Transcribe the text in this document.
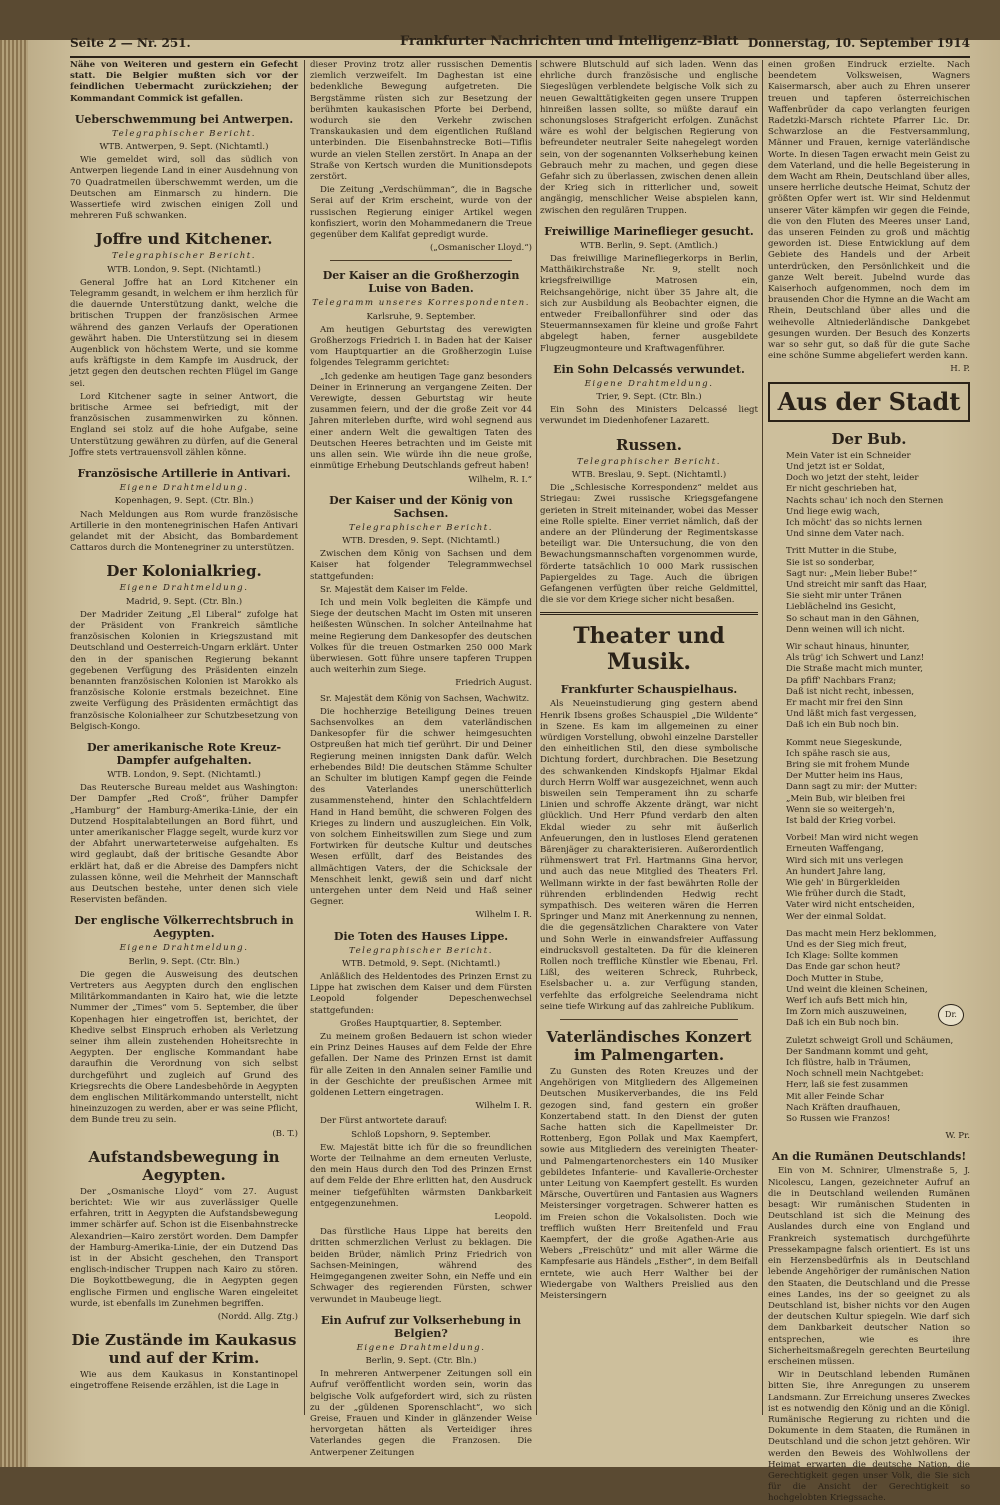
Seite 2 — Nr. 251.	Frankfurter Nachrichten und Intelligenz-Blatt Donnerstag, 10. September 1914

Nähe von Weiteren und gestern ein Gefecht statt. Die Belgier mußten sich vor der feindlichen Uebermacht zurückziehen; der Kommandant Commick ist gefallen.

Ueberschwemmung bei Antwerpen.
Telegraphischer Bericht.
WTB. Antwerpen, 9. Sept. (Nichtamtl.)

Wie gemeldet wird, soll das südlich von Antwerpen liegende Land in einer Ausdehnung von 70 Quadratmeilen überschwemmt werden, um die Deutschen am Einmarsch zu hindern. Die Wassertiefe wird zwischen einigen Zoll und mehreren Fuß schwanken.

Joffre und Kitchener.
Telegraphischer Bericht.
WTB. London, 9. Sept. (Nichtamtl.)

General Joffre hat an Lord Kitchener ein Telegramm gesandt, in welchem er ihm herzlich für die dauernde Unterstützung dankt, welche die britischen Truppen der französischen Armee während des ganzen Verlaufs der Operationen gewährt haben. Die Unterstützung sei in diesem Augenblick von höchstem Werte, und sie komme aufs kräftigste in dem Kampfe im Ausdruck, der jetzt gegen den deutschen rechten Flügel im Gange sei.

Lord Kitchener sagte in seiner Antwort, die britische Armee sei befriedigt, mit der französischen zusammenwirken zu können. England sei stolz auf die hohe Aufgabe, seine Unterstützung gewähren zu dürfen, auf die General Joffre stets vertrauensvoll zählen könne.

Französische Artillerie in Antivari.
Eigene Drahtmeldung.
Kopenhagen, 9. Sept. (Ctr. Bln.)

Nach Meldungen aus Rom wurde französische Artillerie in den montenegrinischen Hafen Antivari gelandet mit der Absicht, das Bombardement Cattaros durch die Montenegriner zu unterstützen.

Der Kolonialkrieg.
Eigene Drahtmeldung.
Madrid, 9. Sept. (Ctr. Bln.)

Der Madrider Zeitung „El Liberal“ zufolge hat der Präsident von Frankreich sämtliche französischen Kolonien in Kriegszustand mit Deutschland und Oesterreich-Ungarn erklärt. Unter den in der spanischen Regierung bekannt gegebenen Verfügung des Präsidenten einzeln benannten französischen Kolonien ist Marokko als französische Kolonie erstmals bezeichnet. Eine zweite Verfügung des Präsidenten ermächtigt das französische Kolonialheer zur Schutzbesetzung von Belgisch-Kongo.

Der amerikanische Rote Kreuz-Dampfer aufgehalten.
WTB. London, 9. Sept. (Nichtamtl.)

Das Reutersche Bureau meldet aus Washington: Der Dampfer „Red Croß“, früher Dampfer „Hamburg“ der Hamburg-Amerika-Linie, der ein Dutzend Hospitalabteilungen an Bord führt, und unter amerikanischer Flagge segelt, wurde kurz vor der Abfahrt unerwarteterweise aufgehalten. Es wird geglaubt, daß der britische Gesandte Abor erklärt hat, daß er die Abreise des Dampfers nicht zulassen könne, weil die Mehrheit der Mannschaft aus Deutschen bestehe, unter denen sich viele Reservisten befänden.

Der englische Völkerrechtsbruch in Aegypten.
Eigene Drahtmeldung.
Berlin, 9. Sept. (Ctr. Bln.)

Die gegen die Ausweisung des deutschen Vertreters aus Aegypten durch den englischen Militärkommandanten in Kairo hat, wie die letzte Nummer der „Times“ vom 5. September, die über Kopenhagen hier eingetroffen ist, berichtet, der Khedive selbst Einspruch erhoben als Verletzung seiner ihm allein zustehenden Hoheitsrechte in Aegypten. Der englische Kommandant habe daraufhin die Verordnung von sich selbst durchgeführt und zugleich auf Grund des Kriegsrechts die Obere Landesbehörde in Aegypten dem englischen Militärkommando unterstellt, nicht hineinzuzogen zu werden, aber er was seine Pflicht, dem Bunde treu zu sein.

(B. T.)
Aufstandsbewegung in Aegypten.

Der „Osmanische Lloyd“ vom 27. August berichtet: Wie wir aus zuverlässiger Quelle erfahren, tritt in Aegypten die Aufstandsbewegung immer schärfer auf. Schon ist die Eisenbahnstrecke Alexandrien—Kairo zerstört worden. Dem Dampfer der Hamburg-Amerika-Linie, der ein Dutzend Das ist in der Absicht geschehen, den Transport englisch-indischer Truppen nach Kairo zu stören. Die Boykottbewegung, die in Aegypten gegen englische Firmen und englische Waren eingeleitet wurde, ist ebenfalls im Zunehmen begriffen.

(Nordd. Allg. Ztg.)
Die Zustände im Kaukasus und auf der Krim.

Wie aus dem Kaukasus in Konstantinopel eingetroffene Reisende erzählen, ist die Lage in

dieser Provinz trotz aller russischen Dementis ziemlich verzweifelt. Im Daghestan ist eine bedenkliche Bewegung aufgetreten. Die Bergstämme rüsten sich zur Besetzung der berühmten kaukasischen Pforte bei Derbend, wodurch sie den Verkehr zwischen Transkaukasien und dem eigentlichen Rußland unterbinden. Die Eisenbahnstrecke Boti—Tiflis wurde an vielen Stellen zerstört. In Anapa an der Straße von Kertsch wurden die Munitionsdepots zerstört.

Die Zeitung „Verdschümman“, die in Bagsche Serai auf der Krim erscheint, wurde von der russischen Regierung einiger Artikel wegen konfisziert, worin den Mohammedanern die Treue gegenüber dem Kalifat gepredigt wurde.

(„Osmanischer Lloyd.“)
Der Kaiser an die Großherzogin Luise von Baden.
Telegramm unseres Korrespondenten.
Karlsruhe, 9. September.

Am heutigen Geburtstag des verewigten Großherzogs Friedrich I. in Baden hat der Kaiser vom Hauptquartier an die Großherzogin Luise folgendes Telegramm gerichtet:

„Ich gedenke am heutigen Tage ganz besonders Deiner in Erinnerung an vergangene Zeiten. Der Verewigte, dessen Geburtstag wir heute zusammen feiern, und der die große Zeit vor 44 Jahren miterleben durfte, wird wohl segnend aus einer andern Welt die gewaltigen Taten des Deutschen Heeres betrachten und im Geiste mit uns allen sein. Wie würde ihn die neue große, einmütige Erhebung Deutschlands gefreut haben!

Wilhelm, R. I.“
Der Kaiser und der König von Sachsen.
Telegraphischer Bericht.
WTB. Dresden, 9. Sept. (Nichtamtl.)

Zwischen dem König von Sachsen und dem Kaiser hat folgender Telegrammwechsel stattgefunden:

Sr. Majestät dem Kaiser im Felde.

Ich und mein Volk begleiten die Kämpfe und Siege der deutschen Macht im Osten mit unseren heißesten Wünschen. In solcher Anteilnahme hat meine Regierung dem Dankesopfer des deutschen Volkes für die treuen Ostmarken 250 000 Mark überwiesen. Gott führe unsere tapferen Truppen auch weiterhin zum Siege.

Friedrich August.

Sr. Majestät dem König von Sachsen, Wachwitz.

Die hochherzige Beteiligung Deines treuen Sachsenvolkes an dem vaterländischen Dankesopfer für die schwer heimgesuchten Ostpreußen hat mich tief gerührt. Dir und Deiner Regierung meinen innigsten Dank dafür. Welch erhebendes Bild! Die deutschen Stämme Schulter an Schulter im blutigen Kampf gegen die Feinde des Vaterlandes unerschütterlich zusammenstehend, hinter den Schlachtfeldern Hand in Hand bemüht, die schweren Folgen des Krieges zu lindern und auszugleichen. Ein Volk, von solchem Einheitswillen zum Siege und zum Fortwirken für deutsche Kultur und deutsches Wesen erfüllt, darf des Beistandes des allmächtigen Vaters, der die Schicksale der Menschheit lenkt, gewiß sein und darf nicht untergehen unter dem Neid und Haß seiner Gegner.

Wilhelm I. R.
Die Toten des Hauses Lippe.
Telegraphischer Bericht.
WTB. Detmold, 9. Sept. (Nichtamtl.)

Anläßlich des Heldentodes des Prinzen Ernst zu Lippe hat zwischen dem Kaiser und dem Fürsten Leopold folgender Depeschenwechsel stattgefunden:

Großes Hauptquartier, 8. September.

Zu meinem großen Bedauern ist schon wieder ein Prinz Deines Hauses auf dem Felde der Ehre gefallen. Der Name des Prinzen Ernst ist damit für alle Zeiten in den Annalen seiner Familie und in der Geschichte der preußischen Armee mit goldenen Lettern eingetragen.

Wilhelm I. R.

Der Fürst antwortete darauf:

Schloß Lopshorn, 9. September.

Ew. Majestät bitte ich für die so freundlichen Worte der Teilnahme an dem erneuten Verluste, den mein Haus durch den Tod des Prinzen Ernst auf dem Felde der Ehre erlitten hat, den Ausdruck meiner tiefgefühlten wärmsten Dankbarkeit entgegenzunehmen.

Leopold.

Das fürstliche Haus Lippe hat bereits den dritten schmerzlichen Verlust zu beklagen. Die beiden Brüder, nämlich Prinz Friedrich von Sachsen-Meiningen, während des Heimgegangenen zweiter Sohn, ein Neffe und ein Schwager des regierenden Fürsten, schwer verwundet in Maubeuge liegt.

Ein Aufruf zur Volkserhebung in Belgien?
Eigene Drahtmeldung.
Berlin, 9. Sept. (Ctr. Bln.)

In mehreren Antwerpener Zeitungen soll ein Aufruf veröffentlicht worden sein, worin das belgische Volk aufgefordert wird, sich zu rüsten zu der „güldenen Sporenschlacht“, wo sich Greise, Frauen und Kinder in glänzender Weise hervorgetan hätten als Verteidiger ihres Vaterlandes gegen die Franzosen. Die Antwerpener Zeitungen

schwere Blutschuld auf sich laden. Wenn das ehrliche durch französische und englische Siegeslügen verblendete belgische Volk sich zu neuen Gewalttätigkeiten gegen unsere Truppen hinreißen lassen sollte, so müßte darauf ein schonungsloses Strafgericht erfolgen. Zunächst wäre es wohl der belgischen Regierung von befreundeter neutraler Seite nahegelegt worden sein, von der sogenannten Volkserhebung keinen Gebrauch mehr zu machen, und gegen diese Gefahr sich zu überlassen, zwischen denen allein der Krieg sich in ritterlicher und, soweit angängig, menschlicher Weise abspielen kann, zwischen den regulären Truppen.

Freiwillige Marineflieger gesucht.
WTB. Berlin, 9. Sept. (Amtlich.)

Das freiwillige Marinefliegerkorps in Berlin, Matthäikirchstraße Nr. 9, stellt noch kriegsfreiwillige Matrosen ein, Reichsangehörige, nicht über 35 Jahre alt, die sich zur Ausbildung als Beobachter eignen, die entweder Freiballonführer sind oder das Steuermannsexamen für kleine und große Fahrt abgelegt haben, ferner ausgebildete Flugzeugmonteure und Kraftwagenführer.

Ein Sohn Delcassés verwundet.
Eigene Drahtmeldung.
Trier, 9. Sept. (Ctr. Bln.)

Ein Sohn des Ministers Delcassé liegt verwundet im Diedenhofener Lazarett.

Russen.
Telegraphischer Bericht.
WTB. Breslau, 9. Sept. (Nichtamtl.)

Die „Schlesische Korrespondenz“ meldet aus Striegau: Zwei russische Kriegsgefangene gerieten in Streit miteinander, wobei das Messer eine Rolle spielte. Einer verriet nämlich, daß der andere an der Plünderung der Regimentskasse beteiligt war. Die Untersuchung, die von den Bewachungsmannschaften vorgenommen wurde, förderte tatsächlich 10 000 Mark russischen Papiergeldes zu Tage. Auch die übrigen Gefangenen verfügten über reiche Geldmittel, die sie vor dem Kriege sicher nicht besaßen.

Theater und Musik.
Frankfurter Schauspielhaus.

Als Neueinstudierung ging gestern abend Henrik Ibsens großes Schauspiel „Die Wildente“ in Szene. Es kam im allgemeinen zu einer würdigen Vorstellung, obwohl einzelne Darsteller den einheitlichen Stil, den diese symbolische Dichtung fordert, durchbrachen. Die Besetzung des schwankenden Kindskopfs Hjalmar Ekdal durch Herrn Wolff war ausgezeichnet, wenn auch bisweilen sein Temperament ihn zu scharfe Linien und schroffe Akzente drängt, war nicht glücklich. Und Herr Pfund verdarb den alten Ekdal wieder zu sehr mit äußerlich Anfeuerungen, den in lustloses Elend geratenen Bärenjäger zu charakterisieren. Außerordentlich rühmenswert trat Frl. Hartmanns Gina hervor, und auch das neue Mitglied des Theaters Frl. Wellmann wirkte in der fast bewährten Rolle der rührenden erblindenden Hedwig recht sympathisch. Des weiteren wären die Herren Springer und Manz mit Anerkennung zu nennen, die die gegensätzlichen Charaktere von Vater und Sohn Werle in einwandsfreier Auffassung eindrucksvoll gestalteten. Da für die kleineren Rollen noch treffliche Künstler wie Ebenau, Frl. Lißl, des weiteren Schreck, Ruhrbeck, Eselsbacher u. a. zur Verfügung standen, verfehlte das erfolgreiche Seelendrama nicht seine tiefe Wirkung auf das zahlreiche Publikum.

Vaterländisches Konzert im Palmengarten.

Zu Gunsten des Roten Kreuzes und der Angehörigen von Mitgliedern des Allgemeinen Deutschen Musikerverbandes, die ins Feld gezogen sind, fand gestern ein großer Konzertabend statt. In den Dienst der guten Sache hatten sich die Kapellmeister Dr. Rottenberg, Egon Pollak und Max Kaempfert, sowie aus Mitgliedern des vereinigten Theater- und Palmengartenorchesters ein 140 Musiker gebildetes Infanterie- und Kavallerie-Orchester unter Leitung von Kaempfert gestellt. Es wurden Märsche, Ouvertüren und Fantasien aus Wagners Meistersinger vorgetragen. Schwerer hatten es im Freien schon die Vokalsolisten. Doch wie trefflich wußten Herr Breitenfeld und Frau Kaempfert, der die große Agathen-Arie aus Webers „Freischütz“ und mit aller Wärme die Kampfesarie aus Händels „Esther“, in dem Beifall erntete, wie auch Herr Walther bei der Wiedergabe von Walthers Preislied aus den Meistersingern

einen großen Eindruck erzielte. Nach beendetem Volksweisen, Wagners Kaisermarsch, aber auch zu Ehren unserer treuen und tapferen österreichischen Waffenbrüder da capo verlangten feurigen Radetzki-Marsch richtete Pfarrer Lic. Dr. Schwarzlose an die Festversammlung, Männer und Frauen, kernige vaterländische Worte. In diesen Tagen erwacht mein Geist zu dem Vaterland, und die helle Begeisterung in dem Wacht am Rhein, Deutschland über alles, unsere herrliche deutsche Heimat, Schutz der größten Opfer wert ist. Wir sind Heldenmut unserer Väter kämpfen wir gegen die Feinde, die von den Fluten des Meeres unser Land, das unseren Feinden zu groß und mächtig geworden ist. Diese Entwicklung auf dem Gebiete des Handels und der Arbeit unterdrücken, den Persönlichkeit und die ganze Welt bereit. Jubelnd wurde das Kaiserhoch aufgenommen, noch dem im brausenden Chor die Hymne an die Wacht am Rhein, Deutschland über alles und die weihevolle Altniederländische Dankgebet gesungen wurden. Der Besuch des Konzerts war so sehr gut, so daß für die gute Sache eine schöne Summe abgeliefert werden kann.

H. P.
Aus der Stadt
Der Bub.
Mein Vater ist ein Schneider
Und jetzt ist er Soldat,
Doch wo jetzt der steht, leider
Er nicht geschrieben hat,
Nachts schau' ich noch den Sternen
Und liege ewig wach,
Ich möcht' das so nichts lernen
Und sinne dem Vater nach.
Tritt Mutter in die Stube,
Sie ist so sonderbar,
Sagt nur: „Mein lieber Bube!“
Und streicht mir sanft das Haar,
Sie sieht mir unter Tränen
Lieblächelnd ins Gesicht,
So schaut man in den Gähnen,
Denn weinen will ich nicht.
Wir schaut hinaus, hinunter,
Als trüg' ich Schwert und Lanz!
Die Straße macht mich munter,
Da pfiff' Nachbars Franz;
Daß ist nicht recht, inbessen,
Er macht mir frei den Sinn
Und läßt mich fast vergessen,
Daß ich ein Bub noch bin.
Kommt neue Siegeskunde,
Ich spähe rasch sie aus,
Bring sie mit frohem Munde
Der Mutter heim ins Haus,
Dann sagt zu mir: der Mutter:
„Mein Bub, wir bleiben frei
Wenn sie so weitergeh'n,
Ist bald der Krieg vorbei.
Vorbei! Man wird nicht wegen
Erneuten Waffengang,
Wird sich mit uns verlegen
An hundert Jahre lang,
Wie geh' in Bürgerkleiden
Wie früher durch die Stadt,
Vater wird nicht entscheiden,
Wer der einmal Soldat.
Das macht mein Herz beklommen,
Und es der Sieg mich freut,
Ich Klage: Sollte kommen
Das Ende gar schon heut?
Doch Mutter in Stube,
Und weint die kleinen Scheinen,
Werf ich aufs Bett mich hin,
Im Zorn mich auszuweinen,
Daß ich ein Bub noch bin.
Zuletzt schweigt Groll und Schäumen,
Der Sandmann kommt und geht,
Ich flüstre, halb in Träumen,
Noch schnell mein Nachtgebet:
Herr, laß sie fest zusammen
Mit aller Feinde Schar
Nach Kräften draufhauen,
So Russen wie Franzos!
W. Pr.
An die Rumänen Deutschlands!

Ein von M. Schnirer, Ulmenstraße 5, J. Nicolescu, Langen, gezeichneter Aufruf an die in Deutschland weilenden Rumänen besagt: Wir rumänischen Studenten in Deutschland ist sich die Meinung des Auslandes durch eine von England und Frankreich systematisch durchgeführte Pressekampagne falsch orientiert. Es ist uns ein Herzensbedürfnis als in Deutschland lebende Angehöriger der rumänischen Nation den Staaten, die Deutschland und die Presse eines Landes, ins der so geeignet zu als Deutschland ist, bisher nichts vor den Augen der deutschen Kultur spiegeln. Wie darf sich dem Dankbarkeit deutscher Nation so entsprechen, wie es ihre Sicherheitsmaßregeln gerechten Beurteilung erscheinen müssen.

Wir in Deutschland lebenden Rumänen bitten Sie, ihre Anregungen zu unserem Landsmann. Zur Erreichung unseres Zweckes ist es notwendig den König und an die Königl. Rumänische Regierung zu richten und die Dokumente in dem Staaten, die Rumänen in Deutschland und die schon jetzt gehören. Wir werden den Beweis des Wohlwollens der Heimat erwarten die deutsche Nation, die Gerechtigkeit gegen unser Volk, die Sie sich für die Ansicht der Gerechtigkeit so hochgelobten Kriegssache.

Dr.
